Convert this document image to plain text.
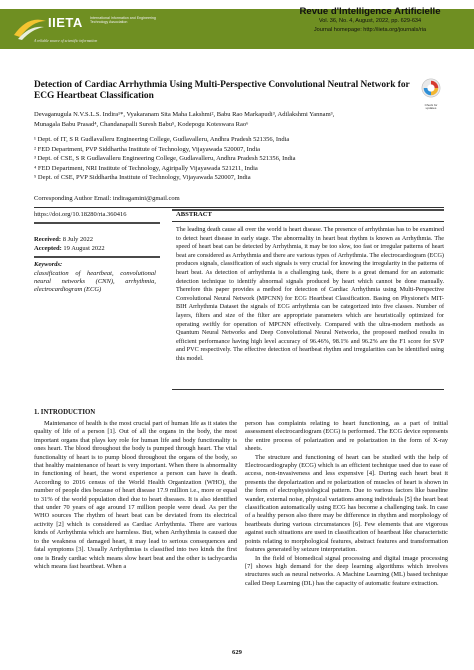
IIETA International Information and Engineering Technology Association
A reliable source of scientific information
Revue d'Intelligence Artificielle
Vol. 36, No. 4, August, 2022, pp. 629-634
Journal homepage: http://iieta.org/journals/ria
Detection of Cardiac Arrhythmia Using Multi-Perspective Convolutional Neutral Network for ECG Heartbeat Classification
Check for
updates
Devaganugula N.V.S.L.S. Indira¹*, Vyakaranam Sita Maha Lakshmi², Babu Rao Markapudi³, Adilakshmi Yannam³,
Munagala Babu Prasad⁴, Chandanapalli Suresh Babu⁵, Kodepogu Koteswara Rao⁶
¹ Dept. of IT, S R Gudlavalleru Engineering College, Gudlavalleru, Andhra Pradesh 521356, India
² FED Department, PVP Siddhartha Institute of Technology, Vijayawada 520007, India
³ Dept. of CSE, S R Gudlavalleru Engineering College, Gudlavalleru, Andhra Pradesh 521356, India
⁴ FED Department, NRI Institute of Technology, Agiripally Vijayawada 521211, India
⁵ Dept. of CSE, PVP Siddhartha Institute of Technology, Vijayawada 520007, India
Corresponding Author Email: indiragamini@gmail.com
https://doi.org/10.18280/ria.360416
Received: 8 July 2022
Accepted: 19 August 2022
Keywords:
classification of heartbeat, convolutional neural networks (CNN), arrhythmia, electrocardiogram (ECG)
ABSTRACT
The leading death cause all over the world is heart disease. The presence of arrhythmias has to be examined to detect heart disease in early stage. The abnormality in heart beat rhythm is known as Arrhythmia. The speed of heart beat can be detected by Arrhythmia, it may be too slow, too fast or irregular patterns of heart beat are considered as Arrhythmia and there are various types of Arrhythmia. The electrocardiogram (ECG) produces signals, classification of such signals is very crucial for knowing the irregularity in the patterns of heart beat. As detection of arrhythmia is a challenging task, there is a great demand for an automatic detection technique to identify abnormal signals produced by heart which cannot be done manually. Therefore this paper provides a method for detection of Cardiac Arrhythmia using Multi-Perspective Convolutional Neural Network (MPCNN) for ECG Heartbeat Classification. Basing on Physionet's MIT-BIH Arrhythmia Dataset the signals of ECG arrhythmia can be categorized into five classes. Number of layers, filters and size of the filter are appropriate parameters which are heuristically optimized for operating swiftly for operation of MPCNN effectively. Compared with the ultra-modern methods as Quantum Neural Networks and Deep Convolutional Neural Networks, the proposed method results in efficient performance having high level accuracy of 96.46%, 98.1% and 96.2% are the F1 score for SVP and PVC respectively. The effective detection of heartbeat rhythm and irregularities can be identified using this model.
1. INTRODUCTION

Maintenance of health is the most crucial part of human life as it states the quality of life of a person [1]. Out of all the organs in the body, the most important organs that plays key role for human life and body functionality is ones heart. The blood throughout the body is pumped through heart. The vital functionality of heart is to pump blood throughout the organs of the body, so that healthy maintenance of heart is very important. When there is abnormality in functioning of heart, the worst experience a person can have is death. According to 2016 census of the World Health Organization (WHO), the number of people dies because of heart disease 17.9 million i.e., more or equal to 31% of the world population died due to heart diseases. It is also identified that under 70 years of age around 17 million people were dead. As per the WHO sources The rhythm of heart beat can be deviated from its electrical activity [2] which is considered as Cardiac Arrhythmia. There are various kinds of Arrhythmia which are harmless. But, when Arrhythmia is caused due to the weakness of damaged heart, it may lead to serious consequences and fatal symptoms [3]. Usually Arrhythmias is classified into two kinds the first one is Brady cardiac which means slow heart beat and the other is tachycardia which means fast heartbeat. When a

person has complaints relating to heart functioning, as a part of initial assessment electrocardiogram (ECG) is performed. The ECG device represents the entire process of polarization and re polarization in the form of X-ray sheets.

The structure and functioning of heart can be studied with the help of Electrocardiography (ECG) which is an efficient technique used due to ease of access, non-invasiveness and less expensive [4]. During each heart beat it presents the depolarization and re polarization of muscles of heart is shown in the form of electrophysiological pattern. Due to various factors like baseline wander, external noise, physical variations among individuals [5] the heart beat classification automatically using ECG has become a challenging task. In case of a healthy person also there may be difference in rhythm and morphology of heartbeats during various circumstances [6]. Few elements that are vigorous against such situations are used in classification of heartbeat like characteristic points relating to morphological features, abstract features and transformation features generated by seizure interpretation.

In the field of biomedical signal processing and digital image processing [7] shows high demand for the deep learning algorithms which involves structures such as neural networks. A Machine Learning (ML) based technique called Deep Learning (DL) has the capacity of automatic feature extraction.

629
